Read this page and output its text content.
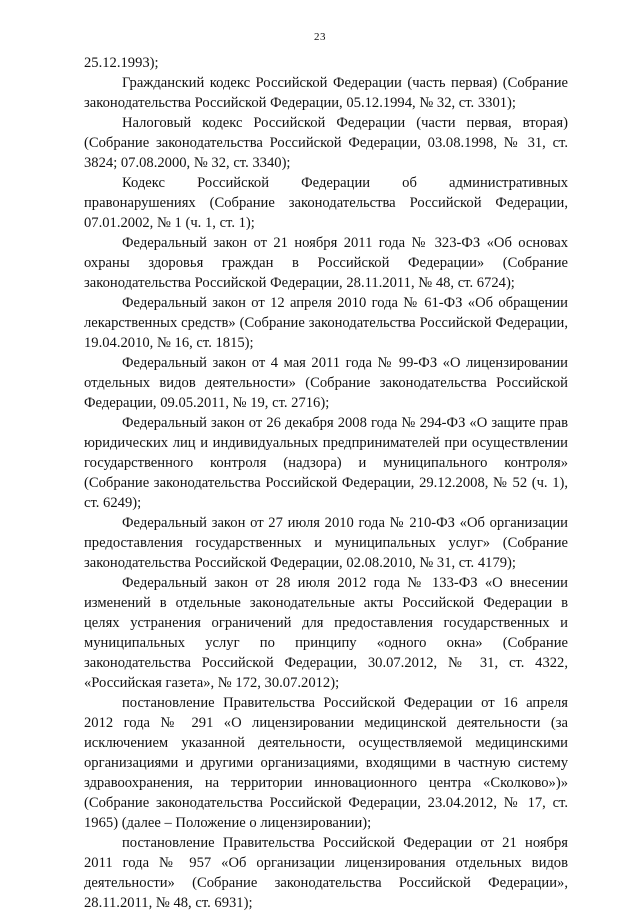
23

25.12.1993);

Гражданский кодекс Российской Федерации (часть первая) (Собрание законодательства Российской Федерации, 05.12.1994, № 32, ст. 3301);

Налоговый кодекс Российской Федерации (части первая, вторая) (Собрание законодательства Российской Федерации, 03.08.1998, № 31, ст. 3824; 07.08.2000, № 32, ст. 3340);

Кодекс Российской Федерации об административных правонарушениях (Собрание законодательства Российской Федерации, 07.01.2002, № 1 (ч. 1, ст. 1);

Федеральный закон от 21 ноября 2011 года № 323-ФЗ «Об основах охраны здоровья граждан в Российской Федерации» (Собрание законодательства Российской Федерации, 28.11.2011, № 48, ст. 6724);

Федеральный закон от 12 апреля 2010 года № 61-ФЗ «Об обращении лекарственных средств» (Собрание законодательства Российской Федерации, 19.04.2010, № 16, ст. 1815);

Федеральный закон от 4 мая 2011 года № 99-ФЗ «О лицензировании отдельных видов деятельности» (Собрание законодательства Российской Федерации, 09.05.2011, № 19, ст. 2716);

Федеральный закон от 26 декабря 2008 года № 294-ФЗ «О защите прав юридических лиц и индивидуальных предпринимателей при осуществлении государственного контроля (надзора) и муниципального контроля» (Собрание законодательства Российской Федерации, 29.12.2008, № 52 (ч. 1), ст. 6249);

Федеральный закон от 27 июля 2010 года № 210-ФЗ «Об организации предоставления государственных и муниципальных услуг» (Собрание законодательства Российской Федерации, 02.08.2010, № 31, ст. 4179);

Федеральный закон от 28 июля 2012 года № 133-ФЗ «О внесении изменений в отдельные законодательные акты Российской Федерации в целях устранения ограничений для предоставления государственных и муниципальных услуг по принципу «одного окна» (Собрание законодательства Российской Федерации, 30.07.2012, № 31, ст. 4322, «Российская газета», № 172, 30.07.2012);

постановление Правительства Российской Федерации от 16 апреля 2012 года № 291 «О лицензировании медицинской деятельности (за исключением указанной деятельности, осуществляемой медицинскими организациями и другими организациями, входящими в частную систему здравоохранения, на территории инновационного центра «Сколково»)» (Собрание законодательства Российской Федерации, 23.04.2012, № 17, ст. 1965) (далее – Положение о лицензировании);

постановление Правительства Российской Федерации от 21 ноября 2011 года № 957 «Об организации лицензирования отдельных видов деятельности» (Собрание законодательства Российской Федерации», 28.11.2011, № 48, ст. 6931);
